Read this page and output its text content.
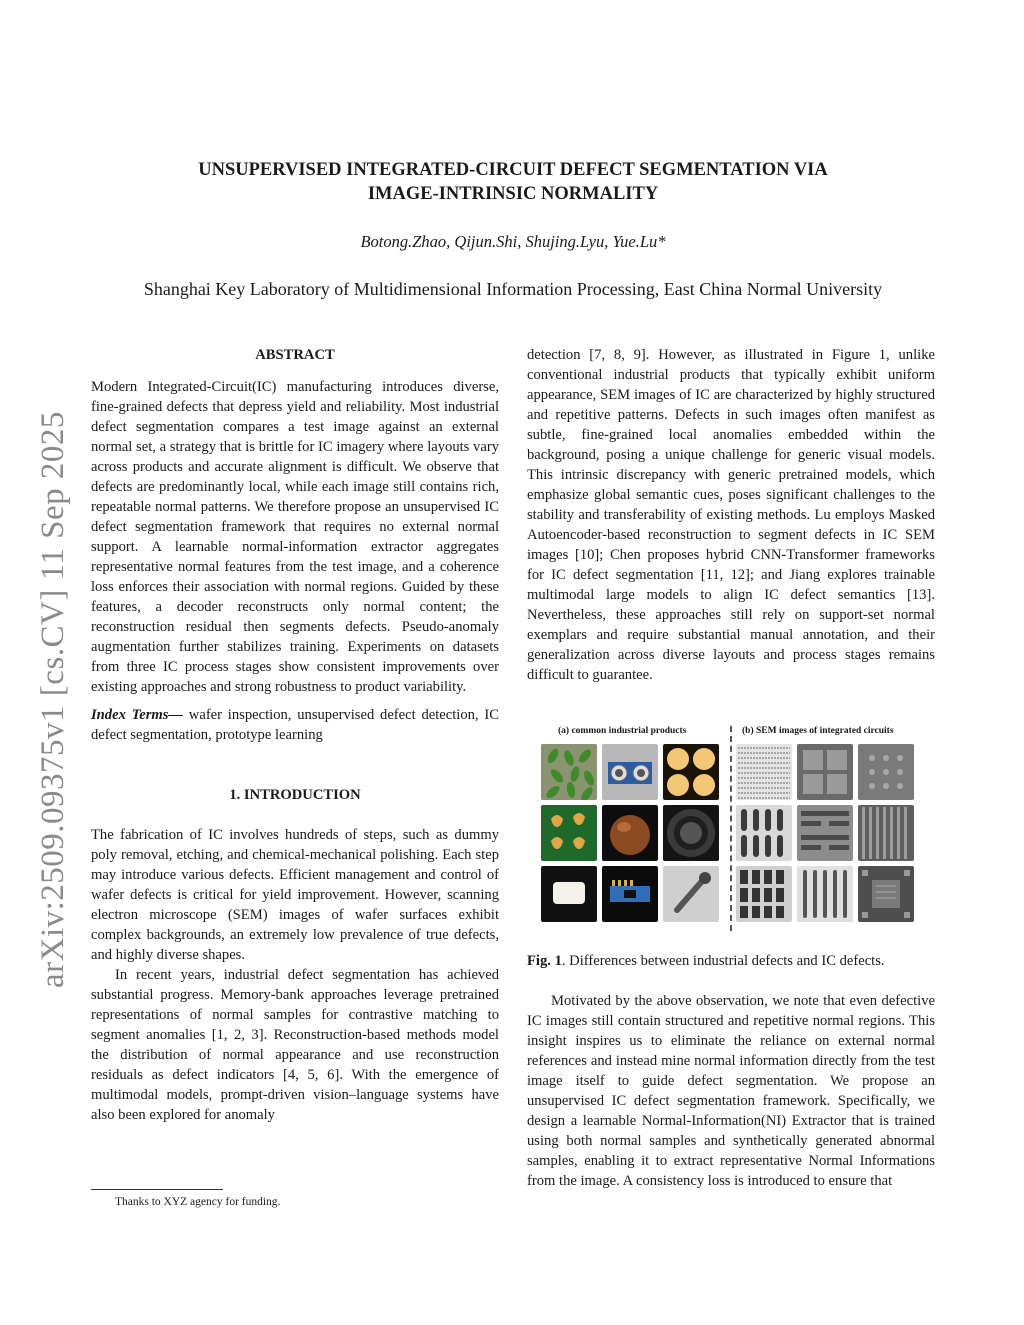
arXiv:2509.09375v1 [cs.CV] 11 Sep 2025
UNSUPERVISED INTEGRATED-CIRCUIT DEFECT SEGMENTATION VIA
IMAGE-INTRINSIC NORMALITY
Botong.Zhao, Qijun.Shi, Shujing.Lyu, Yue.Lu*
Shanghai Key Laboratory of Multidimensional Information Processing, East China Normal University
ABSTRACT

Modern Integrated-Circuit(IC) manufacturing introduces diverse, fine-grained defects that depress yield and reliability. Most industrial defect segmentation compares a test image against an external normal set, a strategy that is brittle for IC imagery where layouts vary across products and accurate alignment is difficult. We observe that defects are predominantly local, while each image still contains rich, repeatable normal patterns. We therefore propose an unsupervised IC defect segmentation framework that requires no external normal support. A learnable normal-information extractor aggregates representative normal features from the test image, and a coherence loss enforces their association with normal regions. Guided by these features, a decoder reconstructs only normal content; the reconstruction residual then segments defects. Pseudo-anomaly augmentation further stabilizes training. Experiments on datasets from three IC process stages show consistent improvements over existing approaches and strong robustness to product variability.

Index Terms— wafer inspection, unsupervised defect detection, IC defect segmentation, prototype learning

1. INTRODUCTION

The fabrication of IC involves hundreds of steps, such as dummy poly removal, etching, and chemical-mechanical polishing. Each step may introduce various defects. Efficient management and control of wafer defects is critical for yield improvement. However, scanning electron microscope (SEM) images of wafer surfaces exhibit complex backgrounds, an extremely low prevalence of true defects, and highly diverse shapes.

In recent years, industrial defect segmentation has achieved substantial progress. Memory-bank approaches leverage pretrained representations of normal samples for contrastive matching to segment anomalies [1, 2, 3]. Reconstruction-based methods model the distribution of normal appearance and use reconstruction residuals as defect indicators [4, 5, 6]. With the emergence of multimodal models, prompt-driven vision–language systems have also been explored for anomaly

detection [7, 8, 9]. However, as illustrated in Figure 1, unlike conventional industrial products that typically exhibit uniform appearance, SEM images of IC are characterized by highly structured and repetitive patterns. Defects in such images often manifest as subtle, fine-grained local anomalies embedded within the background, posing a unique challenge for generic visual models. This intrinsic discrepancy with generic pretrained models, which emphasize global semantic cues, poses significant challenges to the stability and transferability of existing methods. Lu employs Masked Autoencoder-based reconstruction to segment defects in IC SEM images [10]; Chen proposes hybrid CNN-Transformer frameworks for IC defect segmentation [11, 12]; and Jiang explores trainable multimodal large models to align IC defect semantics [13]. Nevertheless, these approaches still rely on support-set normal exemplars and require substantial manual annotation, and their generalization across diverse layouts and process stages remains difficult to guarantee.

(a) common industrial products	(b) SEM images of integrated circuits
Fig. 1. Differences between industrial defects and IC defects.

Motivated by the above observation, we note that even defective IC images still contain structured and repetitive normal regions. This insight inspires us to eliminate the reliance on external normal references and instead mine normal information directly from the test image itself to guide defect segmentation. We propose an unsupervised IC defect segmentation framework. Specifically, we design a learnable Normal-Information(NI) Extractor that is trained using both normal samples and synthetically generated abnormal samples, enabling it to extract representative Normal Informations from the image. A consistency loss is introduced to ensure that

Thanks to XYZ agency for funding.
